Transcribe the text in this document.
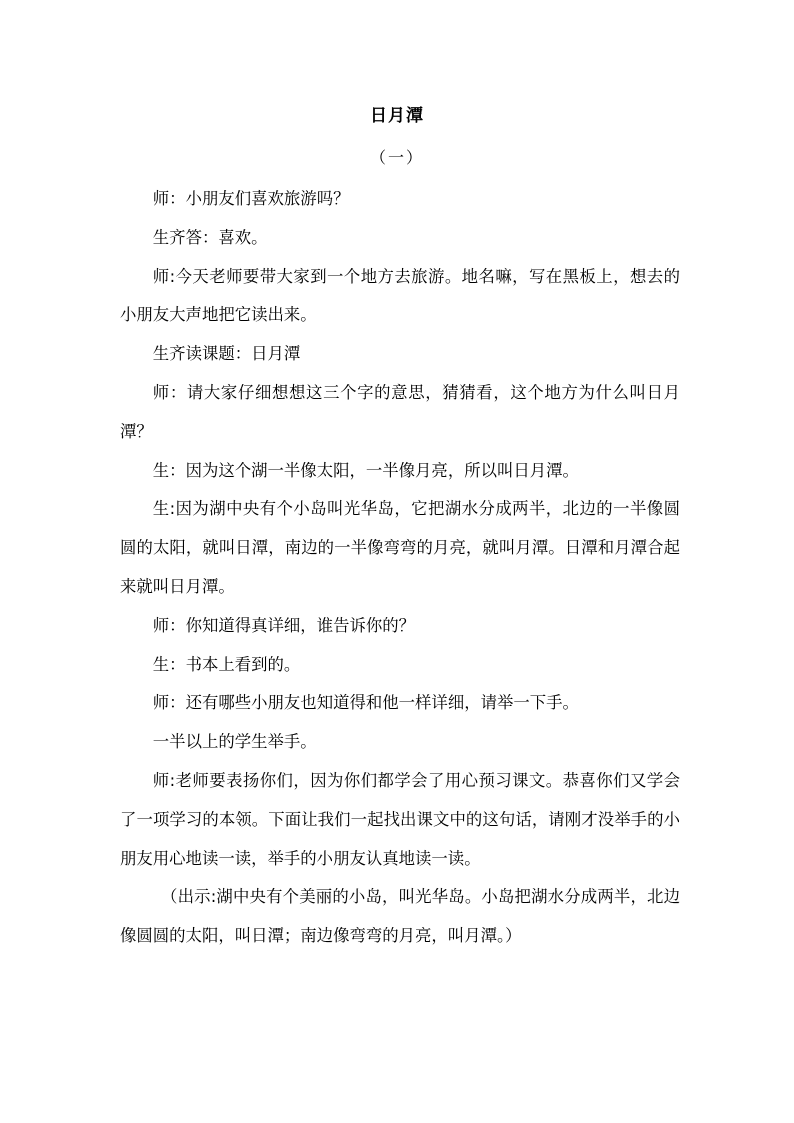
日月潭
（一）

师：小朋友们喜欢旅游吗？

生齐答：喜欢。

师:今天老师要带大家到一个地方去旅游。地名嘛，写在黑板上，想去的小朋友大声地把它读出来。

生齐读课题：日月潭

师：请大家仔细想想这三个字的意思，猜猜看，这个地方为什么叫日月潭？

生：因为这个湖一半像太阳，一半像月亮，所以叫日月潭。

生:因为湖中央有个小岛叫光华岛，它把湖水分成两半，北边的一半像圆圆的太阳，就叫日潭，南边的一半像弯弯的月亮，就叫月潭。日潭和月潭合起来就叫日月潭。

师：你知道得真详细，谁告诉你的？

生：书本上看到的。

师：还有哪些小朋友也知道得和他一样详细，请举一下手。

一半以上的学生举手。

师:老师要表扬你们，因为你们都学会了用心预习课文。恭喜你们又学会了一项学习的本领。下面让我们一起找出课文中的这句话，请刚才没举手的小朋友用心地读一读，举手的小朋友认真地读一读。

（出示:湖中央有个美丽的小岛，叫光华岛。小岛把湖水分成两半，北边像圆圆的太阳，叫日潭；南边像弯弯的月亮，叫月潭。）
